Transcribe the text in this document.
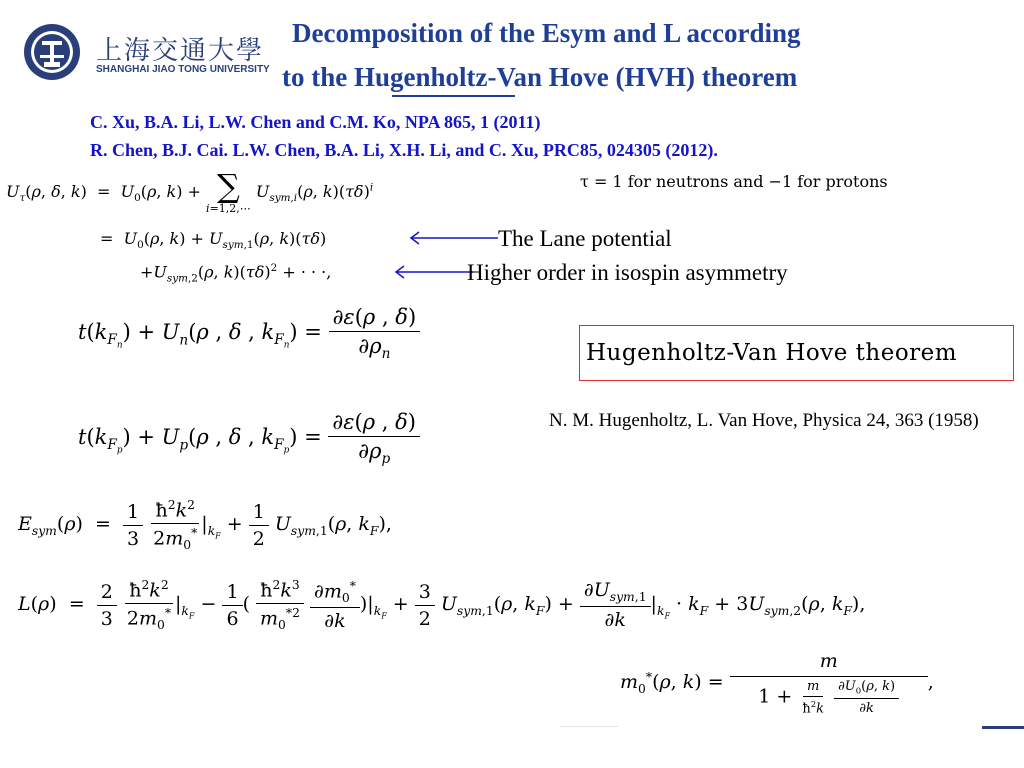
上海交通大學
SHANGHAI JIAO TONG UNIVERSITY
Decomposition of the Esym and L according
to the Hugenholtz-Van Hove (HVH) theorem
C. Xu, B.A. Li, L.W. Chen and C.M. Ko, NPA 865, 1 (2011)
R. Chen, B.J. Cai. L.W. Chen, B.A. Li, X.H. Li, and C. Xu, PRC85, 024305 (2012).
$U_\tau(\rho$, δ, $k) = U_0(\rho$, k) + ∑
i=1,2,⋯
$U_{sym,i}(\rho$, $k)(\tau\delta)^i$	τ = 1 for neutrons and −1 for protons
=  $U_0(\rho$, $k) + U_{sym,1}(\rho$, k)(τδ)
$+U_{sym,2}(\rho$, $k)(\tau\delta)^2$ + · · ·,
The Lane potential
Higher order in isospin asymmetry
$t(k_{F_n}) + U_n(\rho$ , δ , $k_{F_n}) = \frac{\partial\varepsilon(\rho , \delta)}{\partial\rho_n}$
$t(k_{F_p}) + U_p(\rho$ , δ , $k_{F_p}) = \frac{\partial\varepsilon(\rho , \delta)}{\partial\rho_p}$
Hugenholtz-Van Hove theorem
N. M. Hugenholtz, L. Van Hove, Physica 24, 363 (1958)
$E_{sym}(\rho) = \frac{1}{3}$
$\frac{ħ^2k^2}{2m_0^*} |_{k_F} + \frac{1}{2} U_{sym,1}(\rho$, $k_F$),
$L(\rho) = \frac{2}{3}$
$\frac{ħ^2k^2}{2m_0^*} |_{k_F} - \frac{1}{6}$ ( $\frac{ħ^2k^3}{m_0^{*2}}$
$\frac{\partial m_0^*}{\partial k} )|_{k_F} + \frac{3}{2} U_{sym,1}(\rho$, $k_F) + \frac{\partial U_{sym,1}}{\partial k} |_{k_F} \cdot k_F + 3U_{sym,2}(\rho$, $k_F$),
$m_0^*(\rho$, k) = m
$1 + \frac{m}{ħ^2k}$
$\frac{\partial U_0(\rho, k)}{\partial k}$ ,
